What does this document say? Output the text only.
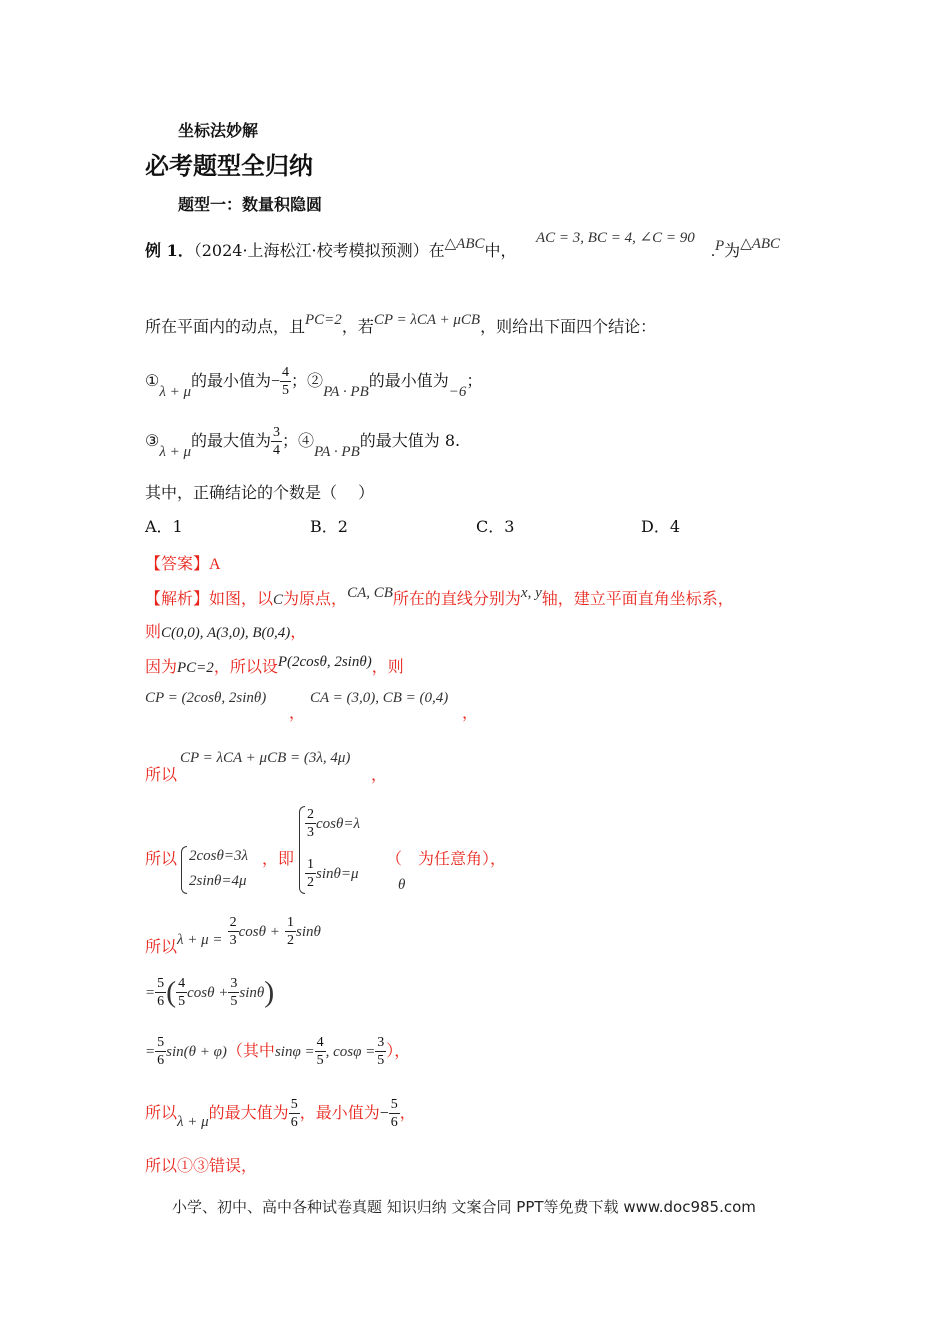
坐标法妙解
必考题型全归纳
题型一：数量积隐圆
例 1．（2024·上海松江·校考模拟预测）在△ABC中，
AC = 3, BC = 4, ∠C = 90
.P为△ABC
所在平面内的动点，且PC=2，若CP = λCA + μCB，则给出下面四个结论：
①λ + μ的最小值为− $\frac{4}{5}$ ；②PA · PB的最小值为−6；
③λ + μ的最大值为 $\frac{3}{4}$ ；④PA · PB的最大值为 8.
其中，正确结论的个数是（　 ）
A．1	B．2	C．3	D．4
【答案】A
【解析】如图，以C为原点，CA, CB所在的直线分别为x, y轴，建立平面直角坐标系，
则C(0,0), A(3,0), B(0,4)，
因为PC=2，所以设P(2cosθ, 2sinθ)，则
CP = (2cosθ, 2sinθ)
，
CA = (3,0), CB = (0,4)
，
所以
CP = λCA + μCB = (3λ, 4μ)
，
所以 2cosθ=3λ
2sinθ=4μ
，即
$\frac{2}{3} \cos\theta=\lambda$
$\frac{1}{2} \sin\theta=\mu$
（　为任意角），
θ
所以$\lambda + \mu = \frac{2}{3}$ $\cos\theta + \frac{1}{2}$ sinθ
= $\frac{5}{6}$ ( $\frac{4}{5}$ $\cos\theta + \frac{3}{5} \sin\theta$)
= $\frac{5}{6} \sin(\theta + \varphi)$（其中$\sin\varphi = \frac{4}{5}$ , $\cos\varphi = \frac{3}{5}$ ），
所以λ + μ的最大值为 $\frac{5}{6}$ ，最小值为− $\frac{5}{6}$ ，
所以①③错误，
小学、初中、高中各种试卷真题 知识归纳 文案合同 PPT等免费下载 www.doc985.com
